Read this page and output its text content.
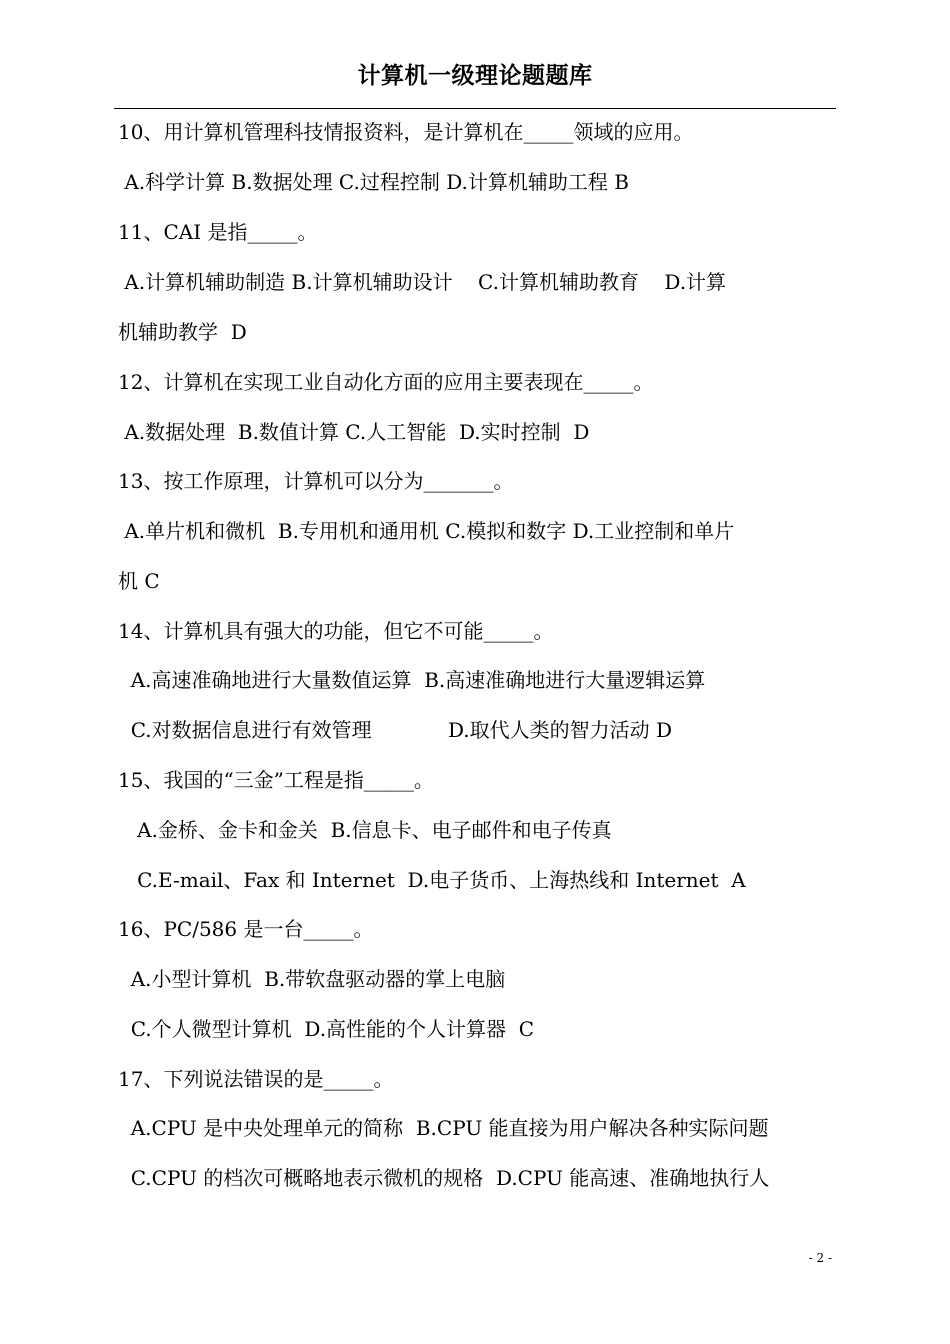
计算机一级理论题题库
10、用计算机管理科技情报资料，是计算机在_____领域的应用。
A.科学计算 B.数据处理 C.过程控制 D.计算机辅助工程 B
11、CAI 是指_____。
A.计算机辅助制造 B.计算机辅助设计    C.计算机辅助教育    D.计算
机辅助教学  D
12、计算机在实现工业自动化方面的应用主要表现在_____。
A.数据处理  B.数值计算 C.人工智能  D.实时控制  D
13、按工作原理，计算机可以分为_______。
A.单片机和微机  B.专用机和通用机 C.模拟和数字 D.工业控制和单片
机 C
14、计算机具有强大的功能，但它不可能_____。
A.高速准确地进行大量数值运算  B.高速准确地进行大量逻辑运算
C.对数据信息进行有效管理            D.取代人类的智力活动 D
15、我国的“三金”工程是指_____。
A.金桥、金卡和金关  B.信息卡、电子邮件和电子传真
C.E-mail、Fax 和 Internet  D.电子货币、上海热线和 Internet  A
16、PC/586 是一台_____。
A.小型计算机  B.带软盘驱动器的掌上电脑
C.个人微型计算机  D.高性能的个人计算器  C
17、下列说法错误的是_____。
A.CPU 是中央处理单元的简称  B.CPU 能直接为用户解决各种实际问题
C.CPU 的档次可概略地表示微机的规格  D.CPU 能高速、准确地执行人
- 2 -
